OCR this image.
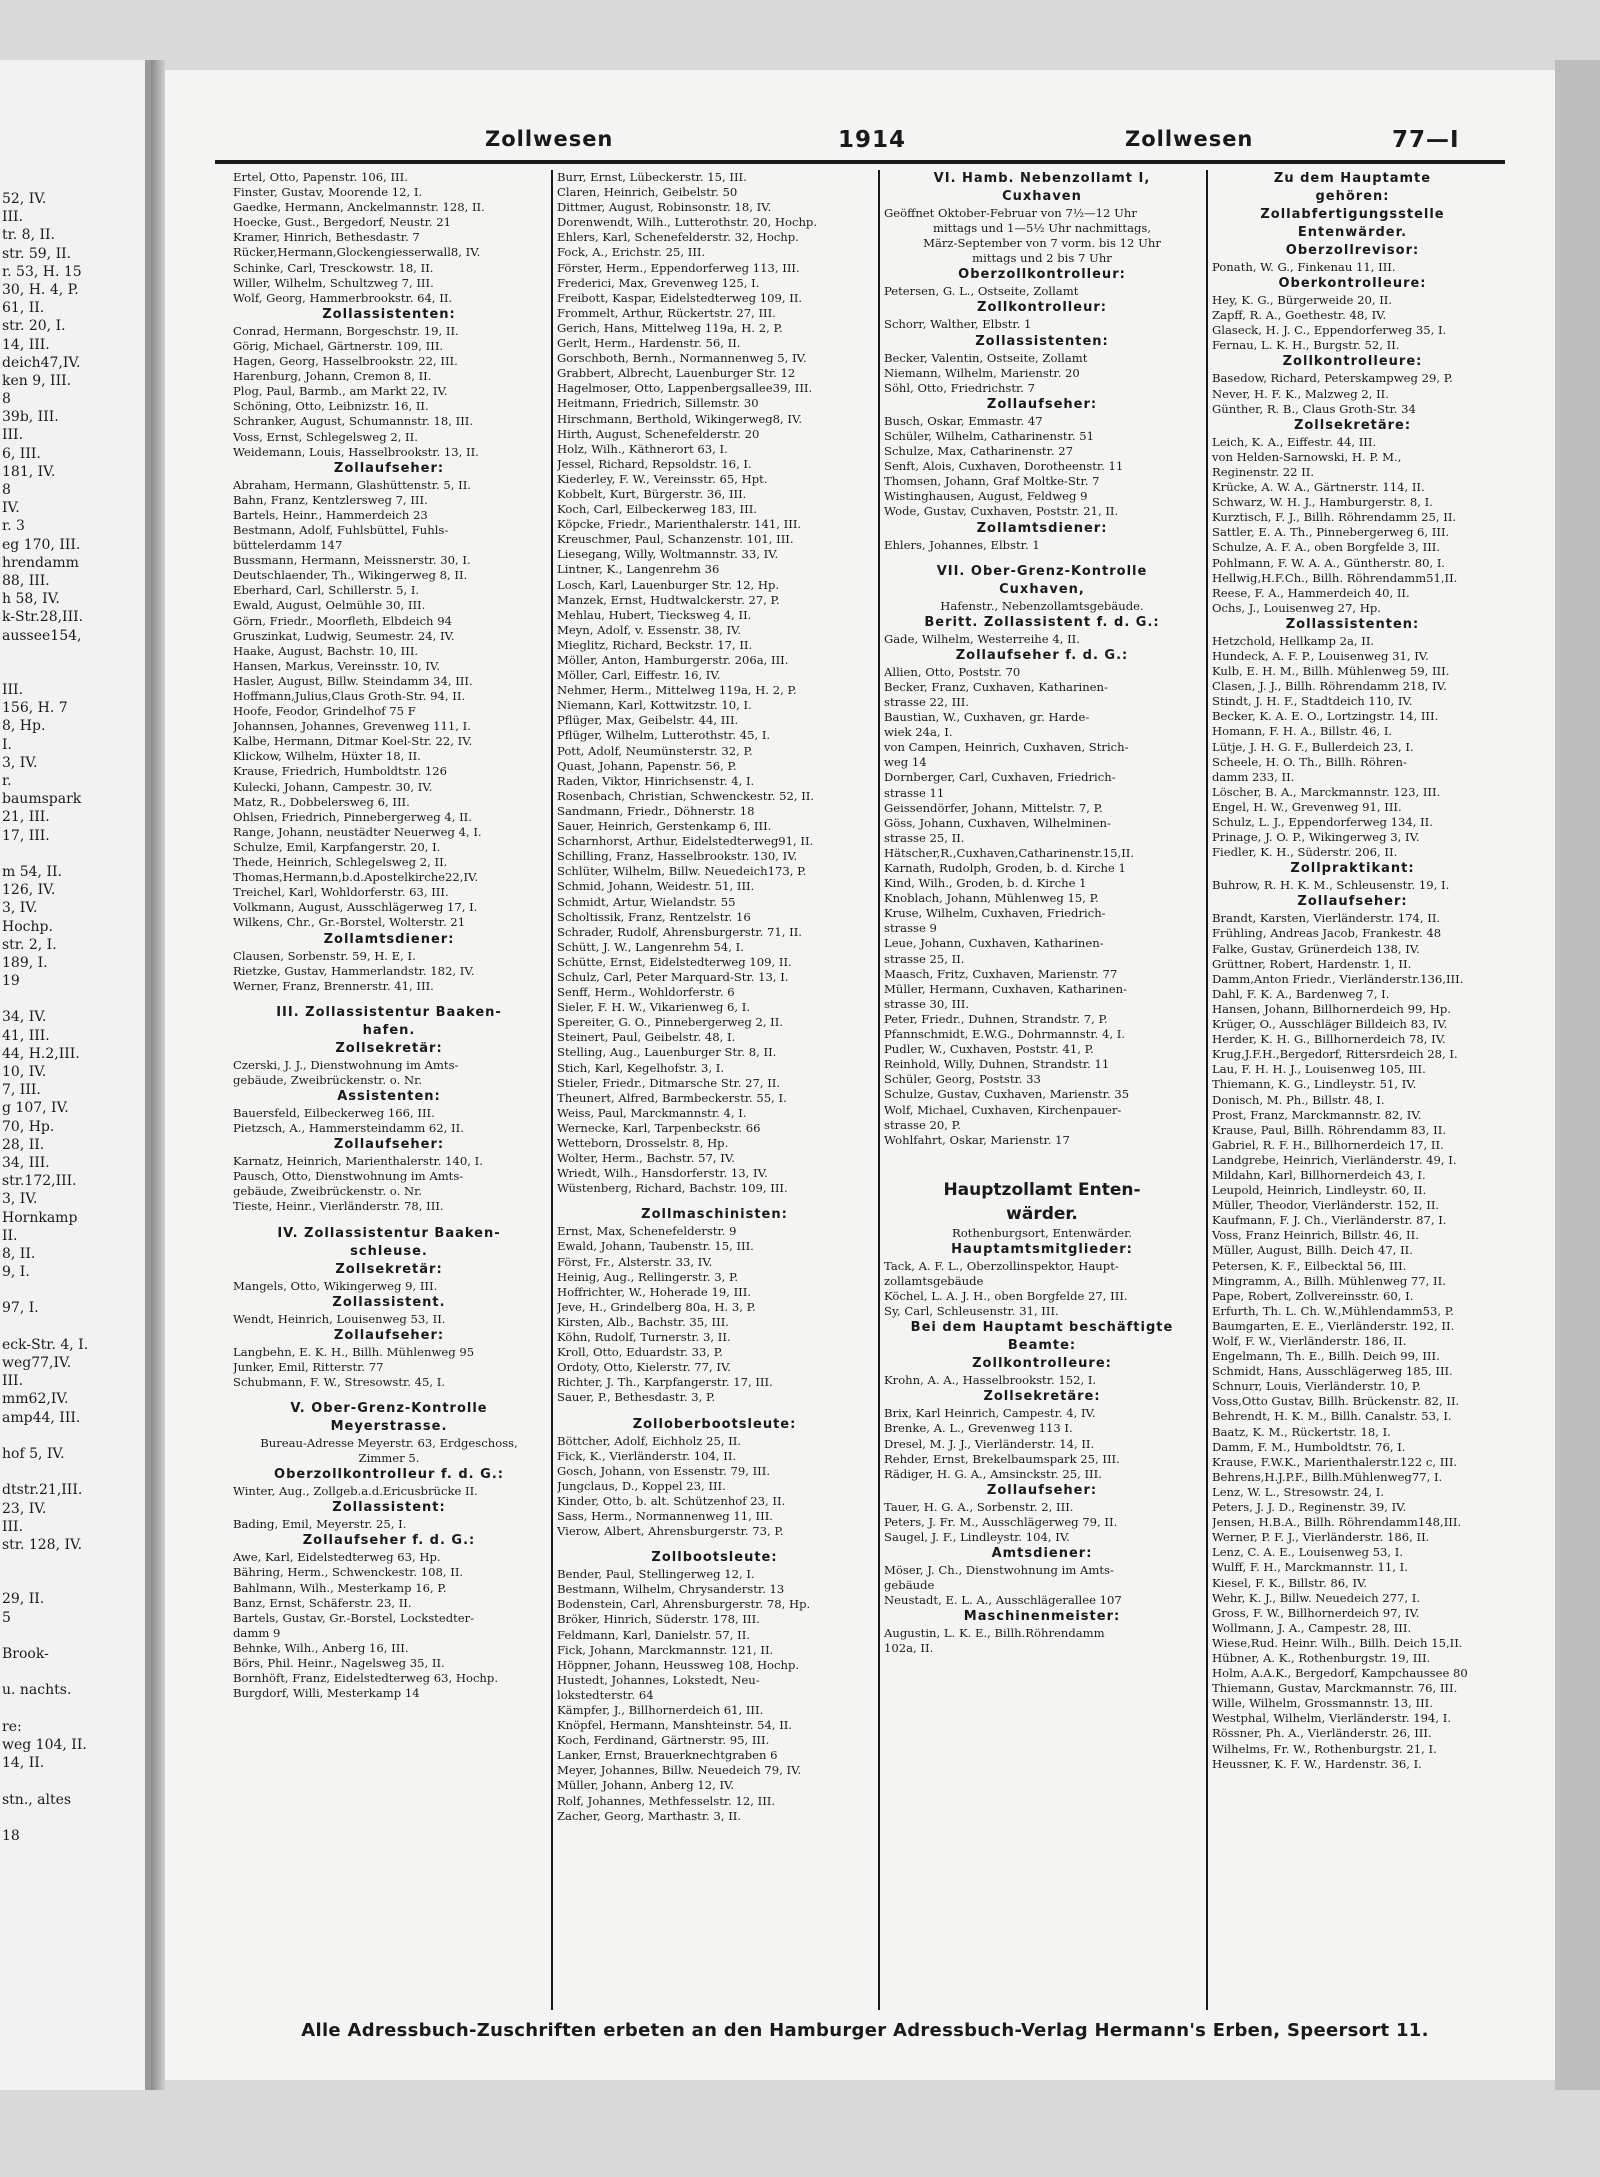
52, IV.
III.
tr. 8, II.
str. 59, II.
r. 53, H. 15
30, H. 4, P.
61, II.
str. 20, I.
14, III.
deich47,IV.
ken 9, III.
8
39b, III.
III.
6, III.
181, IV.
8
IV.
r. 3
eg 170, III.
hrendamm
88, III.
h 58, IV.
k-Str.28,III.
aussee154,
III.
156, H. 7
8, Hp.
I.
3, IV.
r.
baumspark
21, III.
17, III.
m 54, II.
126, IV.
3, IV.
Hochp.
str. 2, I.
189, I.
19
34, IV.
41, III.
44, H.2,III.
10, IV.
7, III.
g 107, IV.
70, Hp.
28, II.
34, III.
str.172,III.
3, IV.
Hornkamp
II.
8, II.
9, I.
97, I.
eck-Str. 4, I.
weg77,IV.
III.
mm62,IV.
amp44, III.
hof 5, IV.
dtstr.21,III.
23, IV.
III.
str. 128, IV.
29, II.
5
Brook-
u. nachts.
re:
weg 104, II.
14, II.
stn., altes
18
Zollwesen	1914	Zollwesen	77—I
Ertel, Otto, Papenstr. 106, III.
Finster, Gustav, Moorende 12, I.
Gaedke, Hermann, Anckelmannstr. 128, II.
Hoecke, Gust., Bergedorf, Neustr. 21
Kramer, Hinrich, Bethesdastr. 7
Rücker,Hermann,Glockengiesserwall8, IV.
Schinke, Carl, Tresckowstr. 18, II.
Willer, Wilhelm, Schultzweg 7, III.
Wolf, Georg, Hammerbrookstr. 64, II.
Zollassistenten:
Conrad, Hermann, Borgeschstr. 19, II.
Görig, Michael, Gärtnerstr. 109, III.
Hagen, Georg, Hasselbrookstr. 22, III.
Harenburg, Johann, Cremon 8, II.
Plog, Paul, Barmb., am Markt 22, IV.
Schöning, Otto, Leibnizstr. 16, II.
Schranker, August, Schumannstr. 18, III.
Voss, Ernst, Schlegelsweg 2, II.
Weidemann, Louis, Hasselbrookstr. 13, II.
Zollaufseher:
Abraham, Hermann, Glashüttenstr. 5, II.
Bahn, Franz, Kentzlersweg 7, III.
Bartels, Heinr., Hammerdeich 23
Bestmann, Adolf, Fuhlsbüttel, Fuhls-
büttelerdamm 147
Bussmann, Hermann, Meissnerstr. 30, I.
Deutschlaender, Th., Wikingerweg 8, II.
Eberhard, Carl, Schillerstr. 5, I.
Ewald, August, Oelmühle 30, III.
Görn, Friedr., Moorfleth, Elbdeich 94
Gruszinkat, Ludwig, Seumestr. 24, IV.
Haake, August, Bachstr. 10, III.
Hansen, Markus, Vereinsstr. 10, IV.
Hasler, August, Billw. Steindamm 34, III.
Hoffmann,Julius,Claus Groth-Str. 94, II.
Hoofe, Feodor, Grindelhof 75 F
Johannsen, Johannes, Grevenweg 111, I.
Kalbe, Hermann, Ditmar Koel-Str. 22, IV.
Klickow, Wilhelm, Hüxter 18, II.
Krause, Friedrich, Humboldtstr. 126
Kulecki, Johann, Campestr. 30, IV.
Matz, R., Dobbelersweg 6, III.
Ohlsen, Friedrich, Pinnebergerweg 4, II.
Range, Johann, neustädter Neuerweg 4, I.
Schulze, Emil, Karpfangerstr. 20, I.
Thede, Heinrich, Schlegelsweg 2, II.
Thomas,Hermann,b.d.Apostelkirche22,IV.
Treichel, Karl, Wohldorferstr. 63, III.
Volkmann, August, Ausschlägerweg 17, I.
Wilkens, Chr., Gr.-Borstel, Wolterstr. 21
Zollamtsdiener:
Clausen, Sorbenstr. 59, H. E, I.
Rietzke, Gustav, Hammerlandstr. 182, IV.
Werner, Franz, Brennerstr. 41, III.
III. Zollassistentur Baaken-
hafen.
Zollsekretär:
Czerski, J. J., Dienstwohnung im Amts-
gebäude, Zweibrückenstr. o. Nr.
Assistenten:
Bauersfeld, Eilbeckerweg 166, III.
Pietzsch, A., Hammersteindamm 62, II.
Zollaufseher:
Karnatz, Heinrich, Marienthalerstr. 140, I.
Pausch, Otto, Dienstwohnung im Amts-
gebäude, Zweibrückenstr. o. Nr.
Tieste, Heinr., Vierländerstr. 78, III.
IV. Zollassistentur Baaken-
schleuse.
Zollsekretär:
Mangels, Otto, Wikingerweg 9, III.
Zollassistent.
Wendt, Heinrich, Louisenweg 53, II.
Zollaufseher:
Langbehn, E. K. H., Billh. Mühlenweg 95
Junker, Emil, Ritterstr. 77
Schubmann, F. W., Stresowstr. 45, I.
V. Ober-Grenz-Kontrolle
Meyerstrasse.
Bureau-Adresse Meyerstr. 63, Erdgeschoss,
Zimmer 5.
Oberzollkontrolleur f. d. G.:
Winter, Aug., Zollgeb.a.d.Ericusbrücke II.
Zollassistent:
Bading, Emil, Meyerstr. 25, I.
Zollaufseher f. d. G.:
Awe, Karl, Eidelstedterweg 63, Hp.
Bähring, Herm., Schwenckestr. 108, II.
Bahlmann, Wilh., Mesterkamp 16, P.
Banz, Ernst, Schäferstr. 23, II.
Bartels, Gustav, Gr.-Borstel, Lockstedter-
damm 9
Behnke, Wilh., Anberg 16, III.
Börs, Phil. Heinr., Nagelsweg 35, II.
Bornhöft, Franz, Eidelstedterweg 63, Hochp.
Burgdorf, Willi, Mesterkamp 14
Burr, Ernst, Lübeckerstr. 15, III.
Claren, Heinrich, Geibelstr. 50
Dittmer, August, Robinsonstr. 18, IV.
Dorenwendt, Wilh., Lutterothstr. 20, Hochp.
Ehlers, Karl, Schenefelderstr. 32, Hochp.
Fock, A., Erichstr. 25, III.
Förster, Herm., Eppendorferweg 113, III.
Frederici, Max, Grevenweg 125, I.
Freibott, Kaspar, Eidelstedterweg 109, II.
Frommelt, Arthur, Rückertstr. 27, III.
Gerich, Hans, Mittelweg 119a, H. 2, P.
Gerlt, Herm., Hardenstr. 56, II.
Gorschboth, Bernh., Normannenweg 5, IV.
Grabbert, Albrecht, Lauenburger Str. 12
Hagelmoser, Otto, Lappenbergsallee39, III.
Heitmann, Friedrich, Sillemstr. 30
Hirschmann, Berthold, Wikingerweg8, IV.
Hirth, August, Schenefelderstr. 20
Holz, Wilh., Käthnerort 63, I.
Jessel, Richard, Repsoldstr. 16, I.
Kiederley, F. W., Vereinsstr. 65, Hpt.
Kobbelt, Kurt, Bürgerstr. 36, III.
Koch, Carl, Eilbeckerweg 183, III.
Köpcke, Friedr., Marienthalerstr. 141, III.
Kreuschmer, Paul, Schanzenstr. 101, III.
Liesegang, Willy, Woltmannstr. 33, IV.
Lintner, K., Langenrehm 36
Losch, Karl, Lauenburger Str. 12, Hp.
Manzek, Ernst, Hudtwalckerstr. 27, P.
Mehlau, Hubert, Tiecksweg 4, II.
Meyn, Adolf, v. Essenstr. 38, IV.
Mieglitz, Richard, Beckstr. 17, II.
Möller, Anton, Hamburgerstr. 206a, III.
Möller, Carl, Eiffestr. 16, IV.
Nehmer, Herm., Mittelweg 119a, H. 2, P.
Niemann, Karl, Kottwitzstr. 10, I.
Pflüger, Max, Geibelstr. 44, III.
Pflüger, Wilhelm, Lutterothstr. 45, I.
Pott, Adolf, Neumünsterstr. 32, P.
Quast, Johann, Papenstr. 56, P.
Raden, Viktor, Hinrichsenstr. 4, I.
Rosenbach, Christian, Schwenckestr. 52, II.
Sandmann, Friedr., Döhnerstr. 18
Sauer, Heinrich, Gerstenkamp 6, III.
Scharnhorst, Arthur, Eidelstedterweg91, II.
Schilling, Franz, Hasselbrookstr. 130, IV.
Schlüter, Wilhelm, Billw. Neuedeich173, P.
Schmid, Johann, Weidestr. 51, III.
Schmidt, Artur, Wielandstr. 55
Scholtissik, Franz, Rentzelstr. 16
Schrader, Rudolf, Ahrensburgerstr. 71, II.
Schütt, J. W., Langenrehm 54, I.
Schütte, Ernst, Eidelstedterweg 109, II.
Schulz, Carl, Peter Marquard-Str. 13, I.
Senff, Herm., Wohldorferstr. 6
Sieler, F. H. W., Vikarienweg 6, I.
Spereiter, G. O., Pinnebergerweg 2, II.
Steinert, Paul, Geibelstr. 48, I.
Stelling, Aug., Lauenburger Str. 8, II.
Stich, Karl, Kegelhofstr. 3, I.
Stieler, Friedr., Ditmarsche Str. 27, II.
Theunert, Alfred, Barmbeckerstr. 55, I.
Weiss, Paul, Marckmannstr. 4, I.
Wernecke, Karl, Tarpenbeckstr. 66
Wetteborn, Drosselstr. 8, Hp.
Wolter, Herm., Bachstr. 57, IV.
Wriedt, Wilh., Hansdorferstr. 13, IV.
Wüstenberg, Richard, Bachstr. 109, III.
Zollmaschinisten:
Ernst, Max, Schenefelderstr. 9
Ewald, Johann, Taubenstr. 15, III.
Först, Fr., Alsterstr. 33, IV.
Heinig, Aug., Rellingerstr. 3, P.
Hoffrichter, W., Hoherade 19, III.
Jeve, H., Grindelberg 80a, H. 3, P.
Kirsten, Alb., Bachstr. 35, III.
Köhn, Rudolf, Turnerstr. 3, II.
Kroll, Otto, Eduardstr. 33, P.
Ordoty, Otto, Kielerstr. 77, IV.
Richter, J. Th., Karpfangerstr. 17, III.
Sauer, P., Bethesdastr. 3, P.
Zolloberbootsleute:
Böttcher, Adolf, Eichholz 25, II.
Fick, K., Vierländerstr. 104, II.
Gosch, Johann, von Essenstr. 79, III.
Jungclaus, D., Koppel 23, III.
Kinder, Otto, b. alt. Schützenhof 23, II.
Sass, Herm., Normannenweg 11, III.
Vierow, Albert, Ahrensburgerstr. 73, P.
Zollbootsleute:
Bender, Paul, Stellingerweg 12, I.
Bestmann, Wilhelm, Chrysanderstr. 13
Bodenstein, Carl, Ahrensburgerstr. 78, Hp.
Bröker, Hinrich, Süderstr. 178, III.
Feldmann, Karl, Danielstr. 57, II.
Fick, Johann, Marckmannstr. 121, II.
Höppner, Johann, Heussweg 108, Hochp.
Hustedt, Johannes, Lokstedt, Neu-
lokstedterstr. 64
Kämpfer, J., Billhornerdeich 61, III.
Knöpfel, Hermann, Manshteinstr. 54, II.
Koch, Ferdinand, Gärtnerstr. 95, III.
Lanker, Ernst, Brauerknechtgraben 6
Meyer, Johannes, Billw. Neuedeich 79, IV.
Müller, Johann, Anberg 12, IV.
Rolf, Johannes, Methfesselstr. 12, III.
Zacher, Georg, Marthastr. 3, II.
VI. Hamb. Nebenzollamt I,
Cuxhaven
Geöffnet Oktober-Februar von 7½—12 Uhr
mittags und 1—5½ Uhr nachmittags,
März-September von 7 vorm. bis 12 Uhr
mittags und 2 bis 7 Uhr
Oberzollkontrolleur:
Petersen, G. L., Ostseite, Zollamt
Zollkontrolleur:
Schorr, Walther, Elbstr. 1
Zollassistenten:
Becker, Valentin, Ostseite, Zollamt
Niemann, Wilhelm, Marienstr. 20
Söhl, Otto, Friedrichstr. 7
Zollaufseher:
Busch, Oskar, Emmastr. 47
Schüler, Wilhelm, Catharinenstr. 51
Schulze, Max, Catharinenstr. 27
Senft, Alois, Cuxhaven, Dorotheenstr. 11
Thomsen, Johann, Graf Moltke-Str. 7
Wistinghausen, August, Feldweg 9
Wode, Gustav, Cuxhaven, Poststr. 21, II.
Zollamtsdiener:
Ehlers, Johannes, Elbstr. 1
VII. Ober-Grenz-Kontrolle
Cuxhaven,
Hafenstr., Nebenzollamtsgebäude.
Beritt. Zollassistent f. d. G.:
Gade, Wilhelm, Westerreihe 4, II.
Zollaufseher f. d. G.:
Allien, Otto, Poststr. 70
Becker, Franz, Cuxhaven, Katharinen-
strasse 22, III.
Baustian, W., Cuxhaven, gr. Harde-
wiek 24a, I.
von Campen, Heinrich, Cuxhaven, Strich-
weg 14
Dornberger, Carl, Cuxhaven, Friedrich-
strasse 11
Geissendörfer, Johann, Mittelstr. 7, P.
Göss, Johann, Cuxhaven, Wilhelminen-
strasse 25, II.
Hätscher,R.,Cuxhaven,Catharinenstr.15,II.
Karnath, Rudolph, Groden, b. d. Kirche 1
Kind, Wilh., Groden, b. d. Kirche 1
Knoblach, Johann, Mühlenweg 15, P.
Kruse, Wilhelm, Cuxhaven, Friedrich-
strasse 9
Leue, Johann, Cuxhaven, Katharinen-
strasse 25, II.
Maasch, Fritz, Cuxhaven, Marienstr. 77
Müller, Hermann, Cuxhaven, Katharinen-
strasse 30, III.
Peter, Friedr., Duhnen, Strandstr. 7, P.
Pfannschmidt, E.W.G., Dohrmannstr. 4, I.
Pudler, W., Cuxhaven, Poststr. 41, P.
Reinhold, Willy, Duhnen, Strandstr. 11
Schüler, Georg, Poststr. 33
Schulze, Gustav, Cuxhaven, Marienstr. 35
Wolf, Michael, Cuxhaven, Kirchenpauer-
strasse 20, P.
Wohlfahrt, Oskar, Marienstr. 17
Hauptzollamt Enten-
wärder.
Rothenburgsort, Entenwärder.
Hauptamtsmitglieder:
Tack, A. F. L., Oberzollinspektor, Haupt-
zollamtsgebäude
Köchel, L. A. J. H., oben Borgfelde 27, III.
Sy, Carl, Schleusenstr. 31, III.
Bei dem Hauptamt beschäftigte
Beamte:
Zollkontrolleure:
Krohn, A. A., Hasselbrookstr. 152, I.
Zollsekretäre:
Brix, Karl Heinrich, Campestr. 4, IV.
Brenke, A. L., Grevenweg 113 I.
Dresel, M. J. J., Vierländerstr. 14, II.
Rehder, Ernst, Brekelbaumspark 25, III.
Rädiger, H. G. A., Amsinckstr. 25, III.
Zollaufseher:
Tauer, H. G. A., Sorbenstr. 2, III.
Peters, J. Fr. M., Ausschlägerweg 79, II.
Saugel, J. F., Lindleystr. 104, IV.
Amtsdiener:
Möser, J. Ch., Dienstwohnung im Amts-
gebäude
Neustadt, E. L. A., Ausschlägerallee 107
Maschinenmeister:
Augustin, L. K. E., Billh.Röhrendamm
102a, II.
Zu dem Hauptamte
gehören:
Zollabfertigungsstelle
Entenwärder.
Oberzollrevisor:
Ponath, W. G., Finkenau 11, III.
Oberkontrolleure:
Hey, K. G., Bürgerweide 20, II.
Zapff, R. A., Goethestr. 48, IV.
Glaseck, H. J. C., Eppendorferweg 35, I.
Fernau, L. K. H., Burgstr. 52, II.
Zollkontrolleure:
Basedow, Richard, Peterskampweg 29, P.
Never, H. F. K., Malzweg 2, II.
Günther, R. B., Claus Groth-Str. 34
Zollsekretäre:
Leich, K. A., Eiffestr. 44, III.
von Helden-Sarnowski, H. P. M.,
Reginenstr. 22 II.
Krücke, A. W. A., Gärtnerstr. 114, II.
Schwarz, W. H. J., Hamburgerstr. 8, I.
Kurztisch, F. J., Billh. Röhrendamm 25, II.
Sattler, E. A. Th., Pinnebergerweg 6, III.
Schulze, A. F. A., oben Borgfelde 3, III.
Pohlmann, F. W. A. A., Güntherstr. 80, I.
Hellwig,H.F.Ch., Billh. Röhrendamm51,II.
Reese, F. A., Hammerdeich 40, II.
Ochs, J., Louisenweg 27, Hp.
Zollassistenten:
Hetzchold, Hellkamp 2a, II.
Hundeck, A. F. P., Louisenweg 31, IV.
Kulb, E. H. M., Billh. Mühlenweg 59, III.
Clasen, J. J., Billh. Röhrendamm 218, IV.
Stindt, J. H. F., Stadtdeich 110, IV.
Becker, K. A. E. O., Lortzingstr. 14, III.
Homann, F. H. A., Billstr. 46, I.
Lütje, J. H. G. F., Bullerdeich 23, I.
Scheele, H. O. Th., Billh. Röhren-
damm 233, II.
Löscher, B. A., Marckmannstr. 123, III.
Engel, H. W., Grevenweg 91, III.
Schulz, L. J., Eppendorferweg 134, II.
Prinage, J. O. P., Wikingerweg 3, IV.
Fiedler, K. H., Süderstr. 206, II.
Zollpraktikant:
Buhrow, R. H. K. M., Schleusenstr. 19, I.
Zollaufseher:
Brandt, Karsten, Vierländerstr. 174, II.
Frühling, Andreas Jacob, Frankestr. 48
Falke, Gustav, Grünerdeich 138, IV.
Grüttner, Robert, Hardenstr. 1, II.
Damm,Anton Friedr., Vierländerstr.136,III.
Dahl, F. K. A., Bardenweg 7, I.
Hansen, Johann, Billhornerdeich 99, Hp.
Krüger, O., Ausschläger Billdeich 83, IV.
Herder, K. H. G., Billhornerdeich 78, IV.
Krug,J.F.H.,Bergedorf, Rittersrdeich 28, I.
Lau, F. H. H. J., Louisenweg 105, III.
Thiemann, K. G., Lindleystr. 51, IV.
Donisch, M. Ph., Billstr. 48, I.
Prost, Franz, Marckmannstr. 82, IV.
Krause, Paul, Billh. Röhrendamm 83, II.
Gabriel, R. F. H., Billhornerdeich 17, II.
Landgrebe, Heinrich, Vierländerstr. 49, I.
Mildahn, Karl, Billhornerdeich 43, I.
Leupold, Heinrich, Lindleystr. 60, II.
Müller, Theodor, Vierländerstr. 152, II.
Kaufmann, F. J. Ch., Vierländerstr. 87, I.
Voss, Franz Heinrich, Billstr. 46, II.
Müller, August, Billh. Deich 47, II.
Petersen, K. F., Eilbecktal 56, III.
Mingramm, A., Billh. Mühlenweg 77, II.
Pape, Robert, Zollvereinsstr. 60, I.
Erfurth, Th. L. Ch. W.,Mühlendamm53, P.
Baumgarten, E. E., Vierländerstr. 192, II.
Wolf, F. W., Vierländerstr. 186, II.
Engelmann, Th. E., Billh. Deich 99, III.
Schmidt, Hans, Ausschlägerweg 185, III.
Schnurr, Louis, Vierländerstr. 10, P.
Voss,Otto Gustav, Billh. Brückenstr. 82, II.
Behrendt, H. K. M., Billh. Canalstr. 53, I.
Baatz, K. M., Rückertstr. 18, I.
Damm, F. M., Humboldtstr. 76, I.
Krause, F.W.K., Marienthalerstr.122 c, III.
Behrens,H.J.P.F., Billh.Mühlenweg77, I.
Lenz, W. L., Stresowstr. 24, I.
Peters, J. J. D., Reginenstr. 39, IV.
Jensen, H.B.A., Billh. Röhrendamm148,III.
Werner, P. F. J., Vierländerstr. 186, II.
Lenz, C. A. E., Louisenweg 53, I.
Wulff, F. H., Marckmannstr. 11, I.
Kiesel, F. K., Billstr. 86, IV.
Wehr, K. J., Billw. Neuedeich 277, I.
Gross, F. W., Billhornerdeich 97, IV.
Wollmann, J. A., Campestr. 28, III.
Wiese,Rud. Heinr. Wilh., Billh. Deich 15,II.
Hübner, A. K., Rothenburgstr. 19, III.
Holm, A.A.K., Bergedorf, Kampchaussee 80
Thiemann, Gustav, Marckmannstr. 76, III.
Wille, Wilhelm, Grossmannstr. 13, III.
Westphal, Wilhelm, Vierländerstr. 194, I.
Rössner, Ph. A., Vierländerstr. 26, III.
Wilhelms, Fr. W., Rothenburgstr. 21, I.
Heussner, K. F. W., Hardenstr. 36, I.
Alle Adressbuch-Zuschriften erbeten an den Hamburger Adressbuch-Verlag Hermann's Erben, Speersort 11.
